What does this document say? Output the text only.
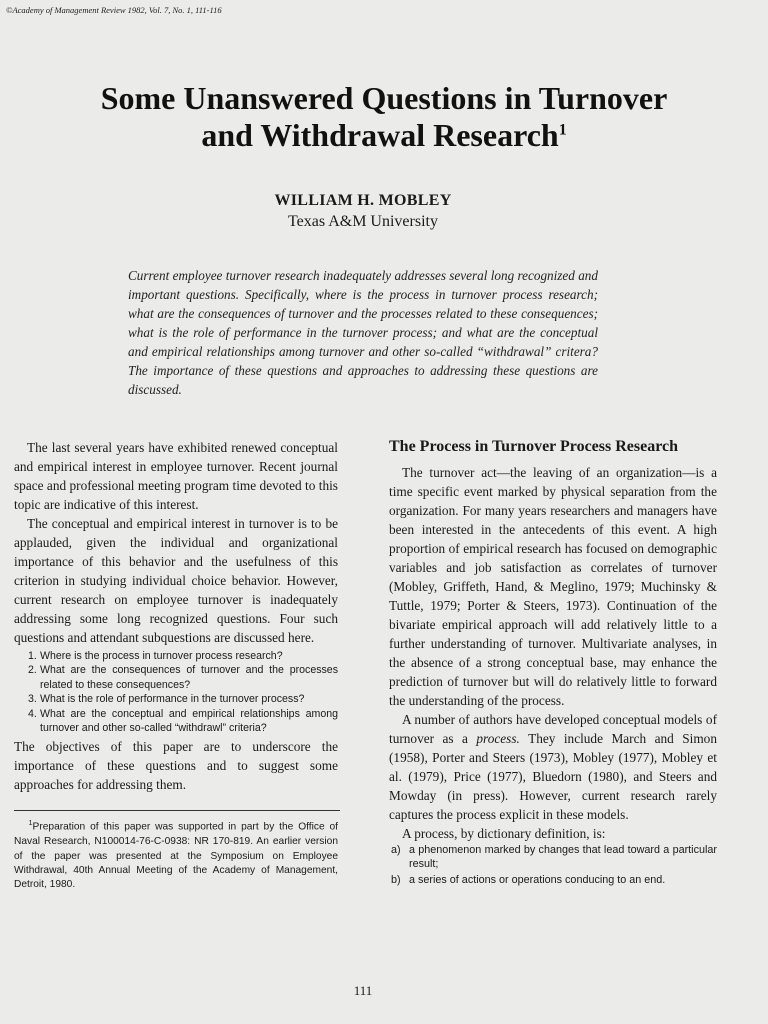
©Academy of Management Review 1982, Vol. 7, No. 1, 111-116
Some Unanswered Questions in Turnover
and Withdrawal Research$^1$
WILLIAM H. MOBLEY
Texas A&M University
Current employee turnover research inadequately addresses several long recognized and important questions. Specifically, where is the process in turnover process research; what are the consequences of turnover and the processes related to these consequences; what is the role of performance in the turnover process; and what are the conceptual and empirical relationships among turnover and other so-called “withdrawal” critera? The importance of these questions and approaches to addressing these questions are discussed.

The last several years have exhibited renewed conceptual and empirical interest in employee turnover. Recent journal space and professional meeting program time devoted to this topic are indicative of this interest.

The conceptual and empirical interest in turnover is to be applauded, given the individual and organizational importance of this behavior and the usefulness of this criterion in studying individual choice behavior. However, current research on employee turnover is inadequately addressing some long recognized questions. Four such questions and attendant subquestions are discussed here.

1. Where is the process in turnover process research?
2. What are the consequences of turnover and the processes related to these consequences?
3. What is the role of performance in the turnover process?
4. What are the conceptual and empirical relationships among turnover and other so-called “withdrawl” criteria?

The objectives of this paper are to underscore the importance of these questions and to suggest some approaches for addressing them.

$^1$Preparation of this paper was supported in part by the Office of Naval Research, N100014-76-C-0938: NR 170-819. An earlier version of the paper was presented at the Symposium on Employee Withdrawal, 40th Annual Meeting of the Academy of Management, Detroit, 1980.

The Process in Turnover Process Research

The turnover act—the leaving of an organization—is a time specific event marked by physical separation from the organization. For many years researchers and managers have been interested in the antecedents of this event. A high proportion of empirical research has focused on demographic variables and job satisfaction as correlates of turnover (Mobley, Griffeth, Hand, & Meglino, 1979; Muchinsky & Tuttle, 1979; Porter & Steers, 1973). Continuation of the bivariate empirical approach will add relatively little to a further understanding of turnover. Multivariate analyses, in the absence of a strong conceptual base, may enhance the prediction of turnover but will do relatively little to forward the understanding of the process.

A number of authors have developed conceptual models of turnover as a process. They include March and Simon (1958), Porter and Steers (1973), Mobley (1977), Mobley et al. (1979), Price (1977), Bluedorn (1980), and Steers and Mowday (in press). However, current research rarely captures the process explicit in these models.

A process, by dictionary definition, is:

a) a phenomenon marked by changes that lead toward a particular result;
b) a series of actions or operations conducing to an end.
111
